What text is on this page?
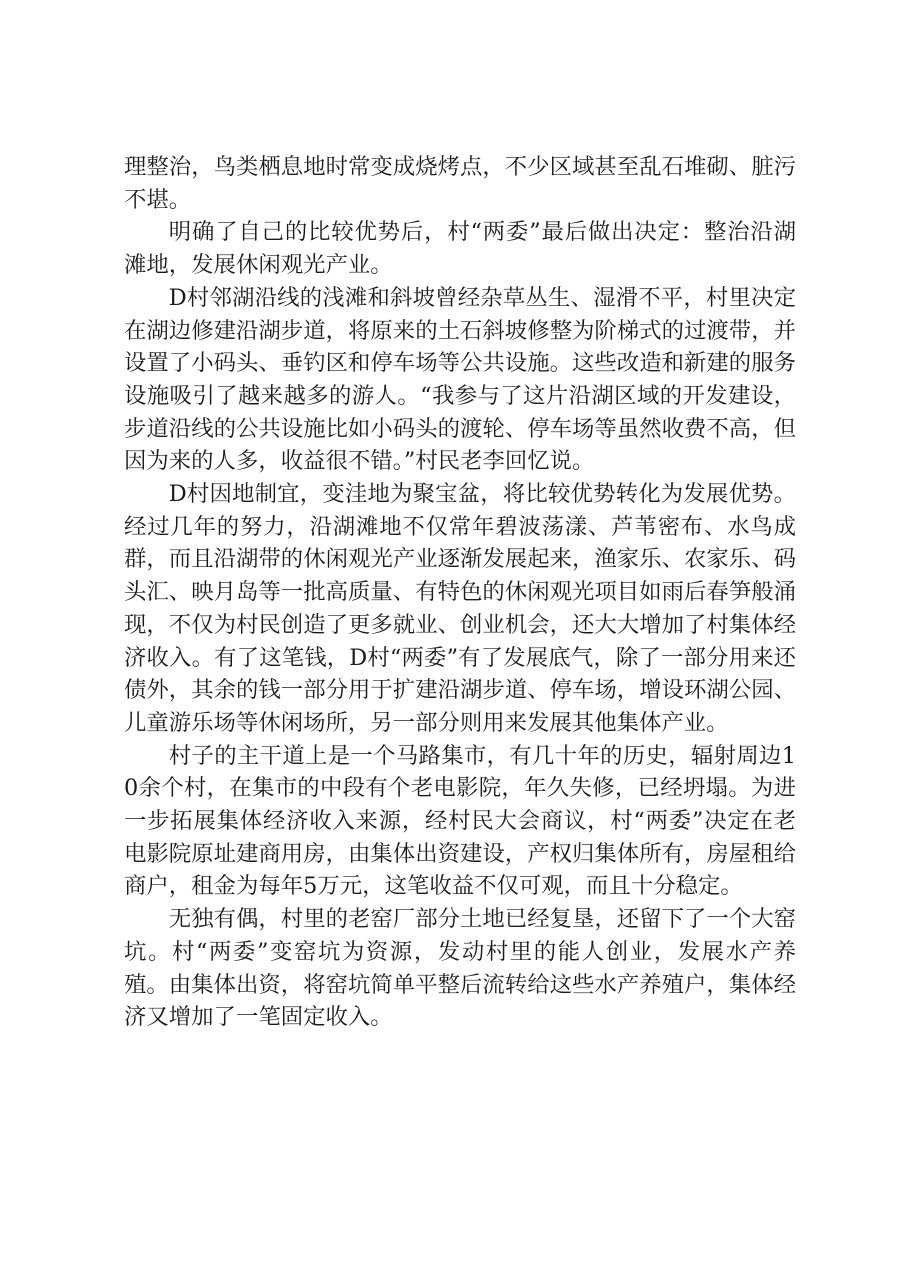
理整治，鸟类栖息地时常变成烧烤点，不少区域甚至乱石堆砌、脏污不堪。

明确了自己的比较优势后，村“两委”最后做出决定：整治沿湖滩地，发展休闲观光产业。

D村邻湖沿线的浅滩和斜坡曾经杂草丛生、湿滑不平，村里决定在湖边修建沿湖步道，将原来的土石斜坡修整为阶梯式的过渡带，并设置了小码头、垂钓区和停车场等公共设施。这些改造和新建的服务设施吸引了越来越多的游人。“我参与了这片沿湖区域的开发建设，步道沿线的公共设施比如小码头的渡轮、停车场等虽然收费不高，但因为来的人多，收益很不错。”村民老李回忆说。

D村因地制宜，变洼地为聚宝盆，将比较优势转化为发展优势。经过几年的努力，沿湖滩地不仅常年碧波荡漾、芦苇密布、水鸟成群，而且沿湖带的休闲观光产业逐渐发展起来，渔家乐、农家乐、码头汇、映月岛等一批高质量、有特色的休闲观光项目如雨后春笋般涌现，不仅为村民创造了更多就业、创业机会，还大大增加了村集体经济收入。有了这笔钱，D村“两委”有了发展底气，除了一部分用来还债外，其余的钱一部分用于扩建沿湖步道、停车场，增设环湖公园、儿童游乐场等休闲场所，另一部分则用来发展其他集体产业。

村子的主干道上是一个马路集市，有几十年的历史，辐射周边10余个村，在集市的中段有个老电影院，年久失修，已经坍塌。为进一步拓展集体经济收入来源，经村民大会商议，村“两委”决定在老电影院原址建商用房，由集体出资建设，产权归集体所有，房屋租给商户，租金为每年5万元，这笔收益不仅可观，而且十分稳定。

无独有偶，村里的老窑厂部分土地已经复垦，还留下了一个大窑坑。村“两委”变窑坑为资源，发动村里的能人创业，发展水产养殖。由集体出资，将窑坑简单平整后流转给这些水产养殖户，集体经济又增加了一笔固定收入。
